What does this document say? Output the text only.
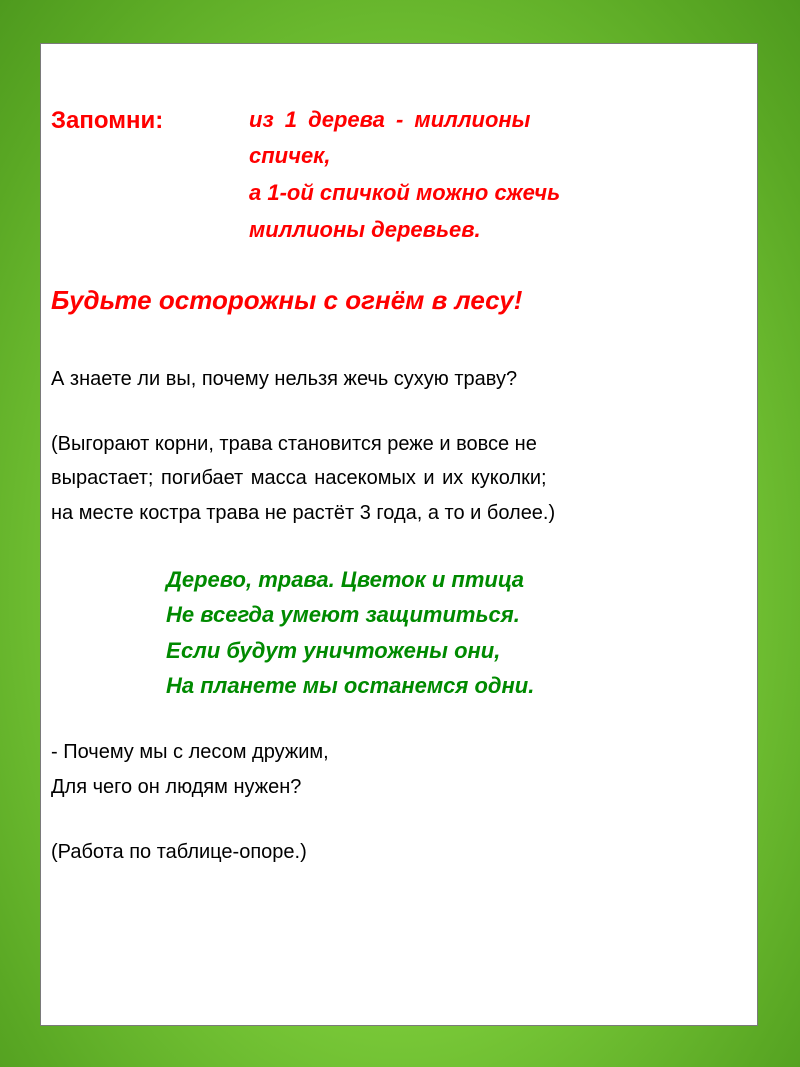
Запомни:	из 1 дерева - миллионы

спичек,

а 1-ой спичкой можно сжечь

миллионы деревьев.

Будьте осторожны с огнём в лесу!

А знаете ли вы, почему нельзя жечь сухую траву?

(Выгорают корни, трава становится реже и вовсе не

вырастает; погибает масса насекомых и их куколки;

на месте костра трава не растёт 3 года, а то и более.)

Дерево, трава. Цветок и птица

Не всегда умеют защититься.

Если будут уничтожены они,

На планете мы останемся одни.

- Почему мы с лесом дружим,

Для чего он людям нужен?

(Работа по таблице-опоре.)
